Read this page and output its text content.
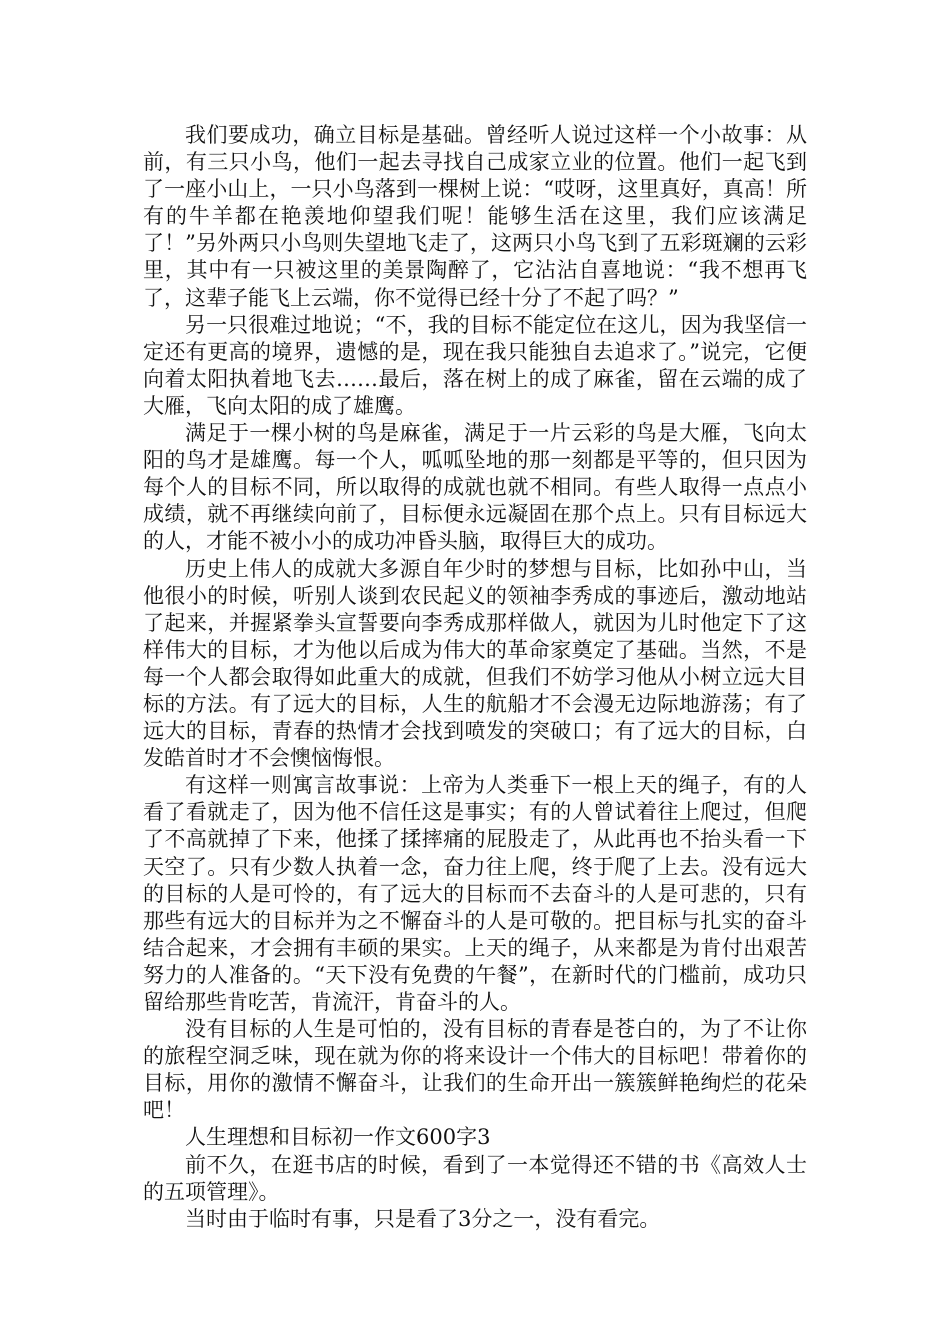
我们要成功，确立目标是基础。曾经听人说过这样一个小故事：从前，有三只小鸟，他们一起去寻找自己成家立业的位置。他们一起飞到了一座小山上，一只小鸟落到一棵树上说：“哎呀，这里真好，真高！所有的牛羊都在艳羡地仰望我们呢！能够生活在这里，我们应该满足了！”另外两只小鸟则失望地飞走了，这两只小鸟飞到了五彩斑斓的云彩里，其中有一只被这里的美景陶醉了，它沾沾自喜地说：“我不想再飞了，这辈子能飞上云端，你不觉得已经十分了不起了吗？”

另一只很难过地说；“不，我的目标不能定位在这儿，因为我坚信一定还有更高的境界，遗憾的是，现在我只能独自去追求了。”说完，它便向着太阳执着地飞去……最后，落在树上的成了麻雀，留在云端的成了大雁，飞向太阳的成了雄鹰。

满足于一棵小树的鸟是麻雀，满足于一片云彩的鸟是大雁，飞向太阳的鸟才是雄鹰。每一个人，呱呱坠地的那一刻都是平等的，但只因为每个人的目标不同，所以取得的成就也就不相同。有些人取得一点点小成绩，就不再继续向前了，目标便永远凝固在那个点上。只有目标远大的人，才能不被小小的成功冲昏头脑，取得巨大的成功。

历史上伟人的成就大多源自年少时的梦想与目标，比如孙中山，当他很小的时候，听别人谈到农民起义的领袖李秀成的事迹后，激动地站了起来，并握紧拳头宣誓要向李秀成那样做人，就因为儿时他定下了这样伟大的目标，才为他以后成为伟大的革命家奠定了基础。当然，不是每一个人都会取得如此重大的成就，但我们不妨学习他从小树立远大目标的方法。有了远大的目标，人生的航船才不会漫无边际地游荡；有了远大的目标，青春的热情才会找到喷发的突破口；有了远大的目标，白发皓首时才不会懊恼悔恨。

有这样一则寓言故事说：上帝为人类垂下一根上天的绳子，有的人看了看就走了，因为他不信任这是事实；有的人曾试着往上爬过，但爬了不高就掉了下来，他揉了揉摔痛的屁股走了，从此再也不抬头看一下天空了。只有少数人执着一念，奋力往上爬，终于爬了上去。没有远大的目标的人是可怜的，有了远大的目标而不去奋斗的人是可悲的，只有那些有远大的目标并为之不懈奋斗的人是可敬的。把目标与扎实的奋斗结合起来，才会拥有丰硕的果实。上天的绳子，从来都是为肯付出艰苦努力的人准备的。“天下没有免费的午餐”，在新时代的门槛前，成功只留给那些肯吃苦，肯流汗，肯奋斗的人。

没有目标的人生是可怕的，没有目标的青春是苍白的，为了不让你的旅程空洞乏味，现在就为你的将来设计一个伟大的目标吧！带着你的目标，用你的激情不懈奋斗，让我们的生命开出一簇簇鲜艳绚烂的花朵吧！

人生理想和目标初一作文600字3

前不久，在逛书店的时候，看到了一本觉得还不错的书《高效人士的五项管理》。

当时由于临时有事，只是看了3分之一，没有看完。
